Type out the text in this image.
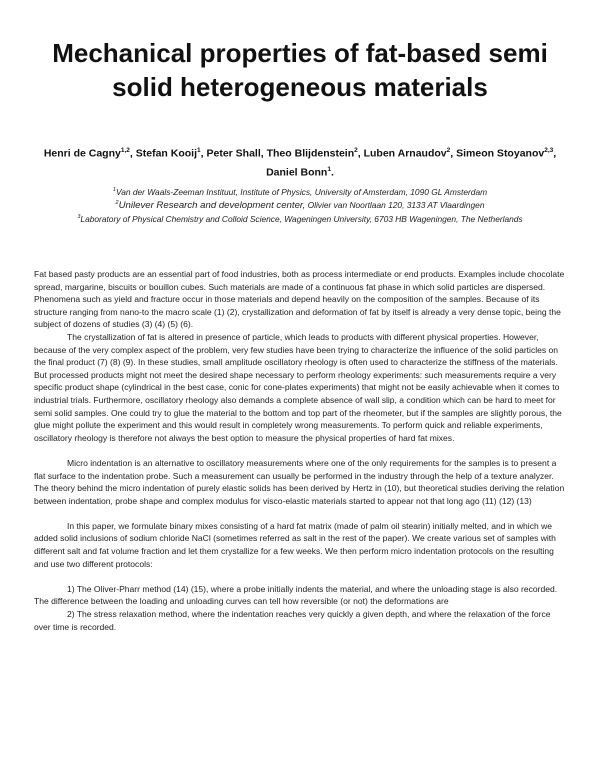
Mechanical properties of fat-based semi
solid heterogeneous materials
Henri de Cagny$^{1,2}$, Stefan Kooij$^1$, Peter Shall, Theo Blijdenstein$^2$, Luben Arnaudov$^2$, Simeon Stoyanov$^{2,3}$,
Daniel Bonn$^1$.
$^1$Van der Waals-Zeeman Instituut, Institute of Physics, University of Amsterdam, 1090 GL Amsterdam
$^2$Unilever Research and development center, Olivier van Noortlaan 120, 3133 AT Vlaardingen
$^3$Laboratory of Physical Chemistry and Colloid Science, Wageningen University, 6703 HB Wageningen, The Netherlands

Fat based pasty products are an essential part of food industries, both as process intermediate or end products. Examples include chocolate spread, margarine, biscuits or bouillon cubes. Such materials are made of a continuous fat phase in which solid particles are dispersed. Phenomena such as yield and fracture occur in those materials and depend heavily on the composition of the samples. Because of its structure ranging from nano-to the macro scale (1) (2), crystallization and deformation of fat by itself is already a very dense topic, being the subject of dozens of studies (3) (4) (5) (6).

The crystallization of fat is altered in presence of particle, which leads to products with different physical properties. However, because of the very complex aspect of the problem, very few studies have been trying to characterize the influence of the solid particles on the final product (7) (8) (9). In these studies, small amplitude oscillatory rheology is often used to characterize the stiffness of the materials. But processed products might not meet the desired shape necessary to perform rheology experiments: such measurements require a very specific product shape (cylindrical in the best case, conic for cone-plates experiments) that might not be easily achievable when it comes to industrial trials. Furthermore, oscillatory rheology also demands a complete absence of wall slip, a condition which can be hard to meet for semi solid samples. One could try to glue the material to the bottom and top part of the rheometer, but if the samples are slightly porous, the glue might pollute the experiment and this would result in completely wrong measurements. To perform quick and reliable experiments, oscillatory rheology is therefore not always the best option to measure the physical properties of hard fat mixes.

Micro indentation is an alternative to oscillatory measurements where one of the only requirements for the samples is to present a flat surface to the indentation probe. Such a measurement can usually be performed in the industry through the help of a texture analyzer. The theory behind the micro indentation of purely elastic solids has been derived by Hertz in (10), but theoretical studies deriving the relation between indentation, probe shape and complex modulus for visco-elastic materials started to appear not that long ago (11) (12) (13)

In this paper, we formulate binary mixes consisting of a hard fat matrix (made of palm oil stearin) initially melted, and in which we added solid inclusions of sodium chloride NaCl (sometimes referred as salt in the rest of the paper). We create various set of samples with different salt and fat volume fraction and let them crystallize for a few weeks. We then perform micro indentation protocols on the resulting and use two different protocols:

1) The Oliver-Pharr method (14) (15), where a probe initially indents the material, and where the unloading stage is also recorded. The difference between the loading and unloading curves can tell how reversible (or not) the deformations are

2) The stress relaxation method, where the indentation reaches very quickly a given depth, and where the relaxation of the force over time is recorded.
